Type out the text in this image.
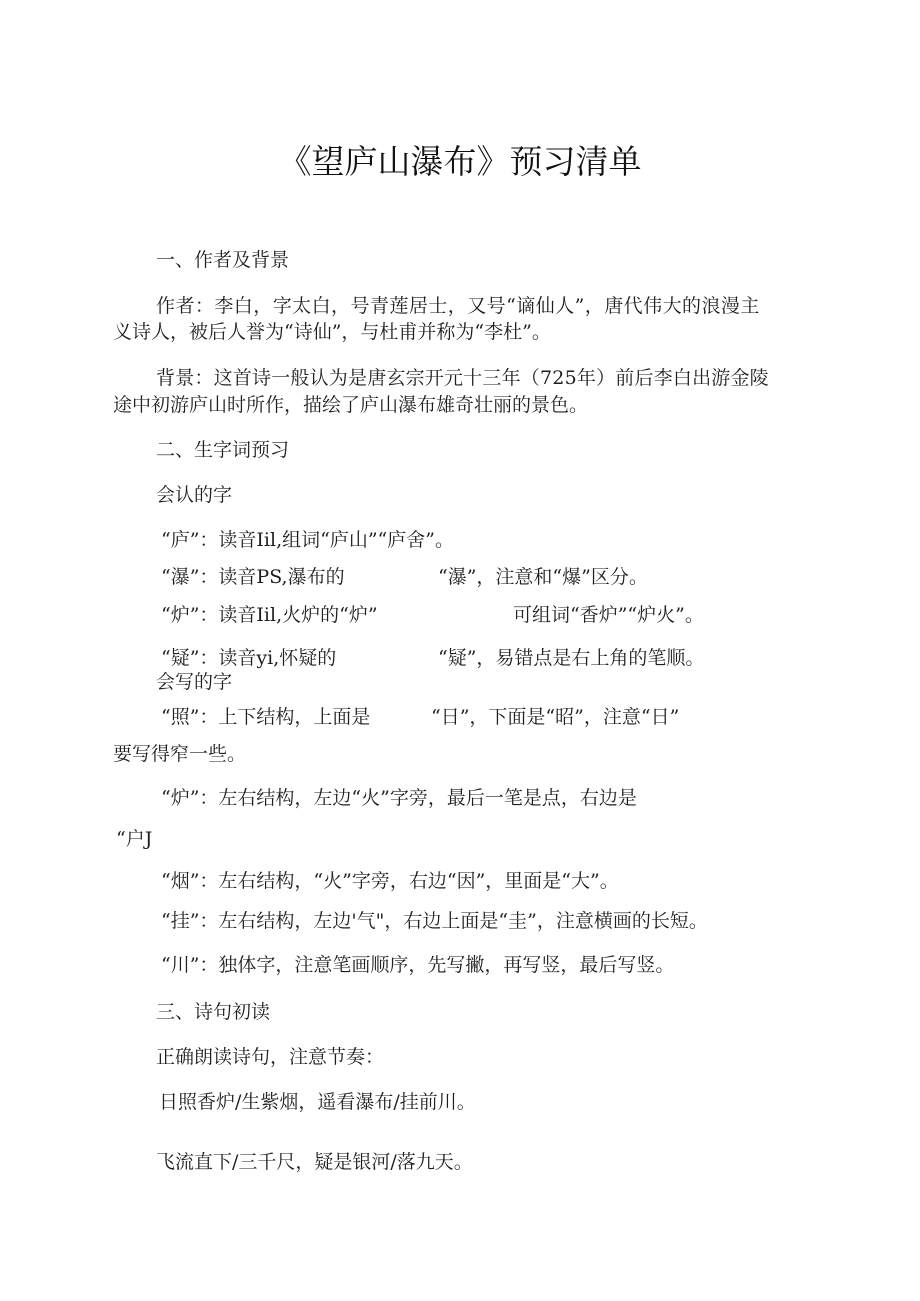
《望庐山瀑布》预习清单
一、作者及背景
作者：李白，字太白，号青莲居士，又号“谪仙人”，唐代伟大的浪漫主
义诗人，被后人誉为“诗仙”，与杜甫并称为“李杜”。
背景：这首诗一般认为是唐玄宗开元十三年（725年）前后李白出游金陵
途中初游庐山时所作，描绘了庐山瀑布雄奇壮丽的景色。
二、生字词预习
会认的字
“庐”：读音Iil,组词“庐山”“庐舍”。
“瀑”：读音PS,瀑布的	“瀑”，注意和“爆”区分。
“炉”：读音Iil,火炉的“炉”	可组词“香炉”“炉火”。
“疑”：读音yi,怀疑的	“疑”，易错点是右上角的笔顺。
会写的字
“照”：上下结构，上面是	“日”，下面是“昭”，注意“日”
要写得窄一些。
“炉”：左右结构，左边“火”字旁，最后一笔是点，右边是
“户J
“烟”：左右结构，“火”字旁，右边“因”，里面是“大”。
“挂”：左右结构，左边'气"，右边上面是“圭”，注意横画的长短。
“川”：独体字，注意笔画顺序，先写撇，再写竖，最后写竖。
三、诗句初读
正确朗读诗句，注意节奏：
日照香炉/生紫烟，遥看瀑布/挂前川。
飞流直下/三千尺，疑是银河/落九天。
